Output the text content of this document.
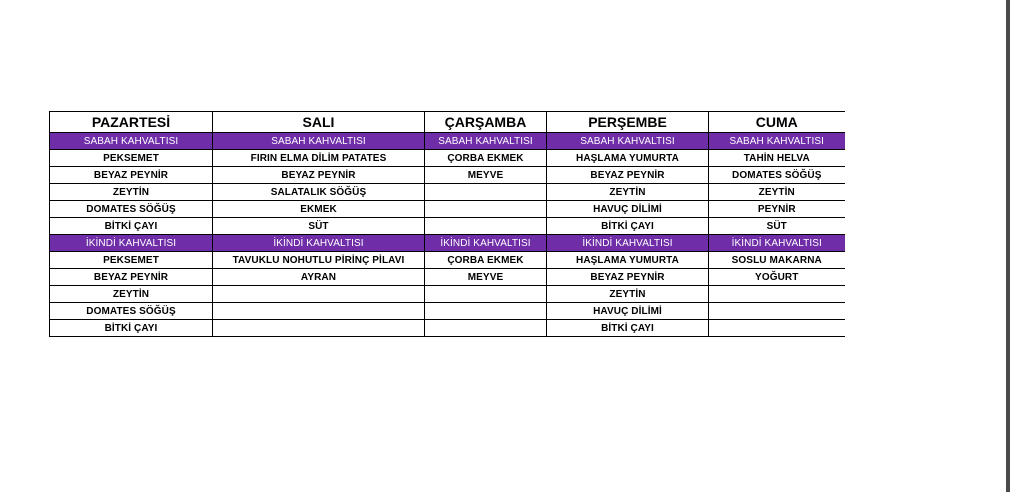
PAZARTESİ	SALI	ÇARŞAMBA	PERŞEMBE	CUMA
SABAH KAHVALTISI	SABAH KAHVALTISI	SABAH KAHVALTISI	SABAH KAHVALTISI	SABAH KAHVALTISI
PEKSEMET	FIRIN ELMA DİLİM PATATES	ÇORBA EKMEK	HAŞLAMA YUMURTA	TAHİN HELVA
BEYAZ PEYNİR	BEYAZ PEYNİR	MEYVE	BEYAZ PEYNİR	DOMATES SÖĞÜŞ
ZEYTİN	SALATALIK SÖĞÜŞ		ZEYTİN	ZEYTİN
DOMATES SÖĞÜŞ	EKMEK		HAVUÇ DİLİMİ	PEYNİR
BİTKİ ÇAYI	SÜT		BİTKİ ÇAYI	SÜT
İKİNDİ KAHVALTISI	İKİNDİ KAHVALTISI	İKİNDİ KAHVALTISI	İKİNDİ KAHVALTISI	İKİNDİ KAHVALTISI
PEKSEMET	TAVUKLU NOHUTLU PİRİNÇ PİLAVI	ÇORBA EKMEK	HAŞLAMA YUMURTA	SOSLU MAKARNA
BEYAZ PEYNİR	AYRAN	MEYVE	BEYAZ PEYNİR	YOĞURT
ZEYTİN			ZEYTİN	
DOMATES SÖĞÜŞ			HAVUÇ DİLİMİ	
BİTKİ ÇAYI			BİTKİ ÇAYI	
